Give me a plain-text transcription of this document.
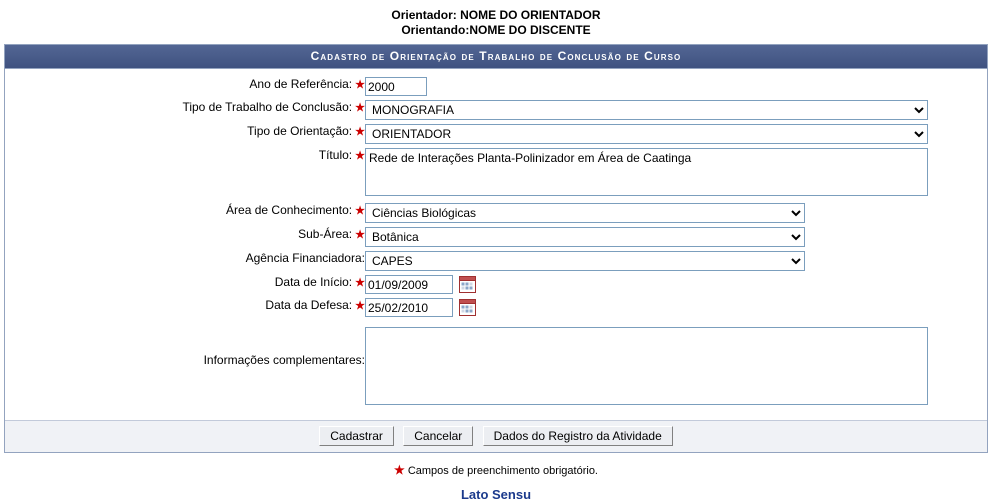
Orientador: NOME DO ORIENTADOR
Orientando:NOME DO DISCENTE
Cadastro de Orientação de Trabalho de Conclusão de Curso
Ano de Referência: ★	2000
Tipo de Trabalho de Conclusão: ★	
MONOGRAFIA
Tipo de Orientação: ★	
ORIENTADOR
Título: ★	Rede de Interações Planta-Polinizador em Área de Caatinga
Área de Conhecimento: ★	
Ciências Biológicas
Sub-Área: ★	
Botânica
Agência Financiadora:	
CAPES
Data de Início: ★	01/09/2009
Data da Defesa: ★	25/02/2010
Informações complementares:	
Cadastrar	Cancelar	Dados do Registro da Atividade
★ Campos de preenchimento obrigatório.
Lato Sensu
